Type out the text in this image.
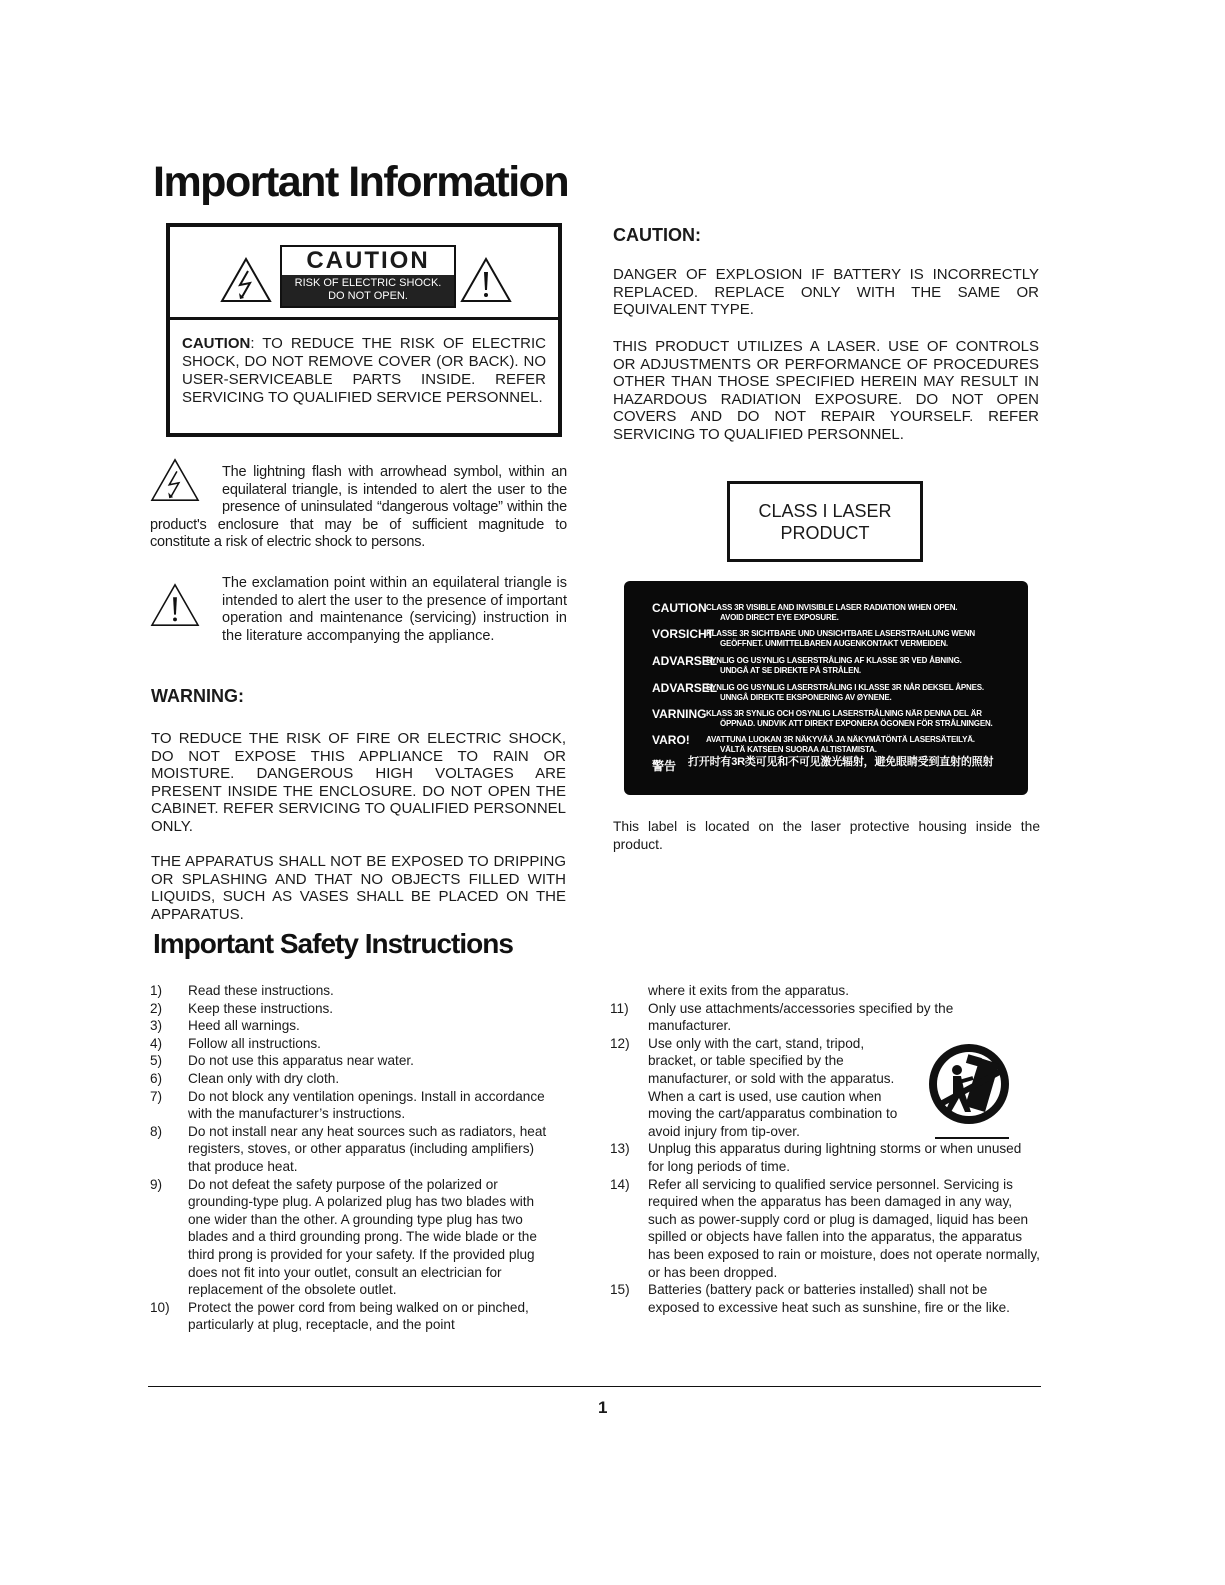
Important Information
CAUTION
RISK OF ELECTRIC SHOCK.
DO NOT OPEN.
CAUTION: TO REDUCE THE RISK OF ELECTRIC SHOCK, DO NOT REMOVE COVER (OR BACK). NO USER-SERVICEABLE PARTS INSIDE. REFER SERVICING TO QUALIFIED SERVICE PERSONNEL.
The lightning flash with arrowhead symbol, within an equilateral triangle, is intended to alert the user to the presence of uninsulated “dangerous voltage” within the product's enclosure that may be of sufficient magnitude to constitute a risk of electric shock to persons.
The exclamation point within an equilateral triangle is intended to alert the user to the presence of important operation and maintenance (servicing) instruction in the literature accompanying the appliance.
WARNING:
TO REDUCE THE RISK OF FIRE OR ELECTRIC SHOCK, DO NOT EXPOSE THIS APPLIANCE TO RAIN OR MOISTURE. DANGEROUS HIGH VOLTAGES ARE PRESENT INSIDE THE ENCLOSURE. DO NOT OPEN THE CABINET. REFER SERVICING TO QUALIFIED PERSONNEL ONLY.
THE APPARATUS SHALL NOT BE EXPOSED TO DRIPPING OR SPLASHING AND THAT NO OBJECTS FILLED WITH LIQUIDS, SUCH AS VASES SHALL BE PLACED ON THE APPARATUS.
CAUTION:
DANGER OF EXPLOSION IF BATTERY IS INCORRECTLY REPLACED. REPLACE ONLY WITH THE SAME OR EQUIVALENT TYPE.
THIS PRODUCT UTILIZES A LASER. USE OF CONTROLS OR ADJUSTMENTS OR PERFORMANCE OF PROCEDURES OTHER THAN THOSE SPECIFIED HEREIN MAY RESULT IN HAZARDOUS RADIATION EXPOSURE. DO NOT OPEN COVERS AND DO NOT REPAIR YOURSELF. REFER SERVICING TO QUALIFIED PERSONNEL.
CLASS I LASER
PRODUCT
CAUTION CLASS 3R VISIBLE AND INVISIBLE LASER RADIATION WHEN OPEN.
AVOID DIRECT EYE EXPOSURE.
VORSICHT
KLASSE 3R SICHTBARE UND UNSICHTBARE LASERSTRAHLUNG WENN
GEÖFFNET. UNMITTELBAREN AUGENKONTAKT VERMEIDEN.
ADVARSEL
SYNLIG OG USYNLIG LASERSTRÅLING AF KLASSE 3R VED ÅBNING.
UNDGÅ AT SE DIREKTE PÅ STRÅLEN.
ADVARSEL
SYNLIG OG USYNLIG LASERSTRÅLING I KLASSE 3R NÅR DEKSEL ÅPNES.
UNNGÅ DIREKTE EKSPONERING AV ØYNENE.
VARNING KLASS 3R SYNLIG OCH OSYNLIG LASERSTRÅLNING NÄR DENNA DEL ÄR
ÖPPNAD. UNDVIK ATT DIREKT EXPONERA ÖGONEN FÖR STRÅLNINGEN.
VARO! AVATTUNA LUOKAN 3R NÄKYVÄÄ JA NÄKYMÄTÖNTÄ LASERSÄTEILYÄ.
VÄLTÄ KATSEEN SUORAA ALTISTAMISTA.
警告 打开时有3R类可见和不可见激光辐射，避免眼睛受到直射的照射
This label is located on the laser protective housing inside the product.
Important Safety Instructions
1) Read these instructions.
2) Keep these instructions.
3) Heed all warnings.
4) Follow all instructions.
5) Do not use this apparatus near water.
6) Clean only with dry cloth.
7) Do not block any ventilation openings. Install in accordance with the manufacturer’s instructions.
8) Do not install near any heat sources such as radiators, heat registers, stoves, or other apparatus (including amplifiers) that produce heat.
9) Do not defeat the safety purpose of the polarized or grounding-type plug. A polarized plug has two blades with one wider than the other. A grounding type plug has two blades and a third grounding prong. The wide blade or the third prong is provided for your safety. If the provided plug does not fit into your outlet, consult an electrician for replacement of the obsolete outlet.
10) Protect the power cord from being walked on or pinched, particularly at plug, receptacle, and the point
where it exits from the apparatus.
11) Only use attachments/accessories specified by the manufacturer.
12) Use only with the cart, stand, tripod, bracket, or table specified by the manufacturer, or sold with the apparatus. When a cart is used, use caution when moving the cart/apparatus combination to avoid injury from tip-over.
13) Unplug this apparatus during lightning storms or when unused for long periods of time.
14) Refer all servicing to qualified service personnel. Servicing is required when the apparatus has been damaged in any way, such as power-supply cord or plug is damaged, liquid has been spilled or objects have fallen into the apparatus, the apparatus has been exposed to rain or moisture, does not operate normally, or has been dropped.
15) Batteries (battery pack or batteries installed) shall not be exposed to excessive heat such as sunshine, fire or the like.
1
